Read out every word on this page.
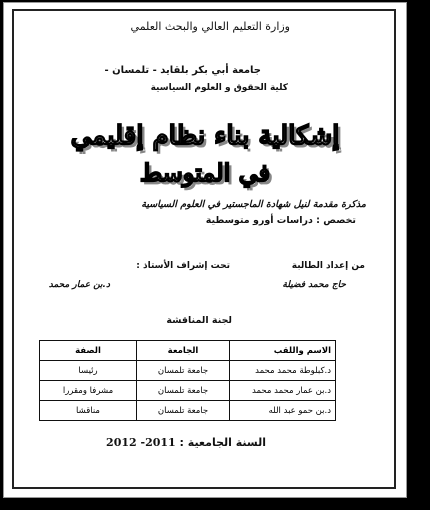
وزارة التعليم العالي والبحث العلمي
جامعة أبي بكر بلقايد - تلمسان -
كلية الحقوق و العلوم السياسية
إشكالية بناء نظام إقليمي
في المتوسط
مذكرة مقدمة لنيل شهادة الماجستير في العلوم السياسية
تخصص : دراسات أورو متوسطية
من إعداد الطالبة
تحت إشراف الأستاذ :
حاج محمد فضيلة
د.بن عمار محمد
لجنة المناقشة
الاسم واللقب	الجامعة	الصفة
د.كبلوطة محمد محمد	جامعة تلمسان	رئيسا
د.بن عمار محمد محمد	جامعة تلمسان	مشرفا ومقررا
د.بن حمو عبد الله	جامعة تلمسان	مناقشا
السنة الجامعية : 2011- 2012
